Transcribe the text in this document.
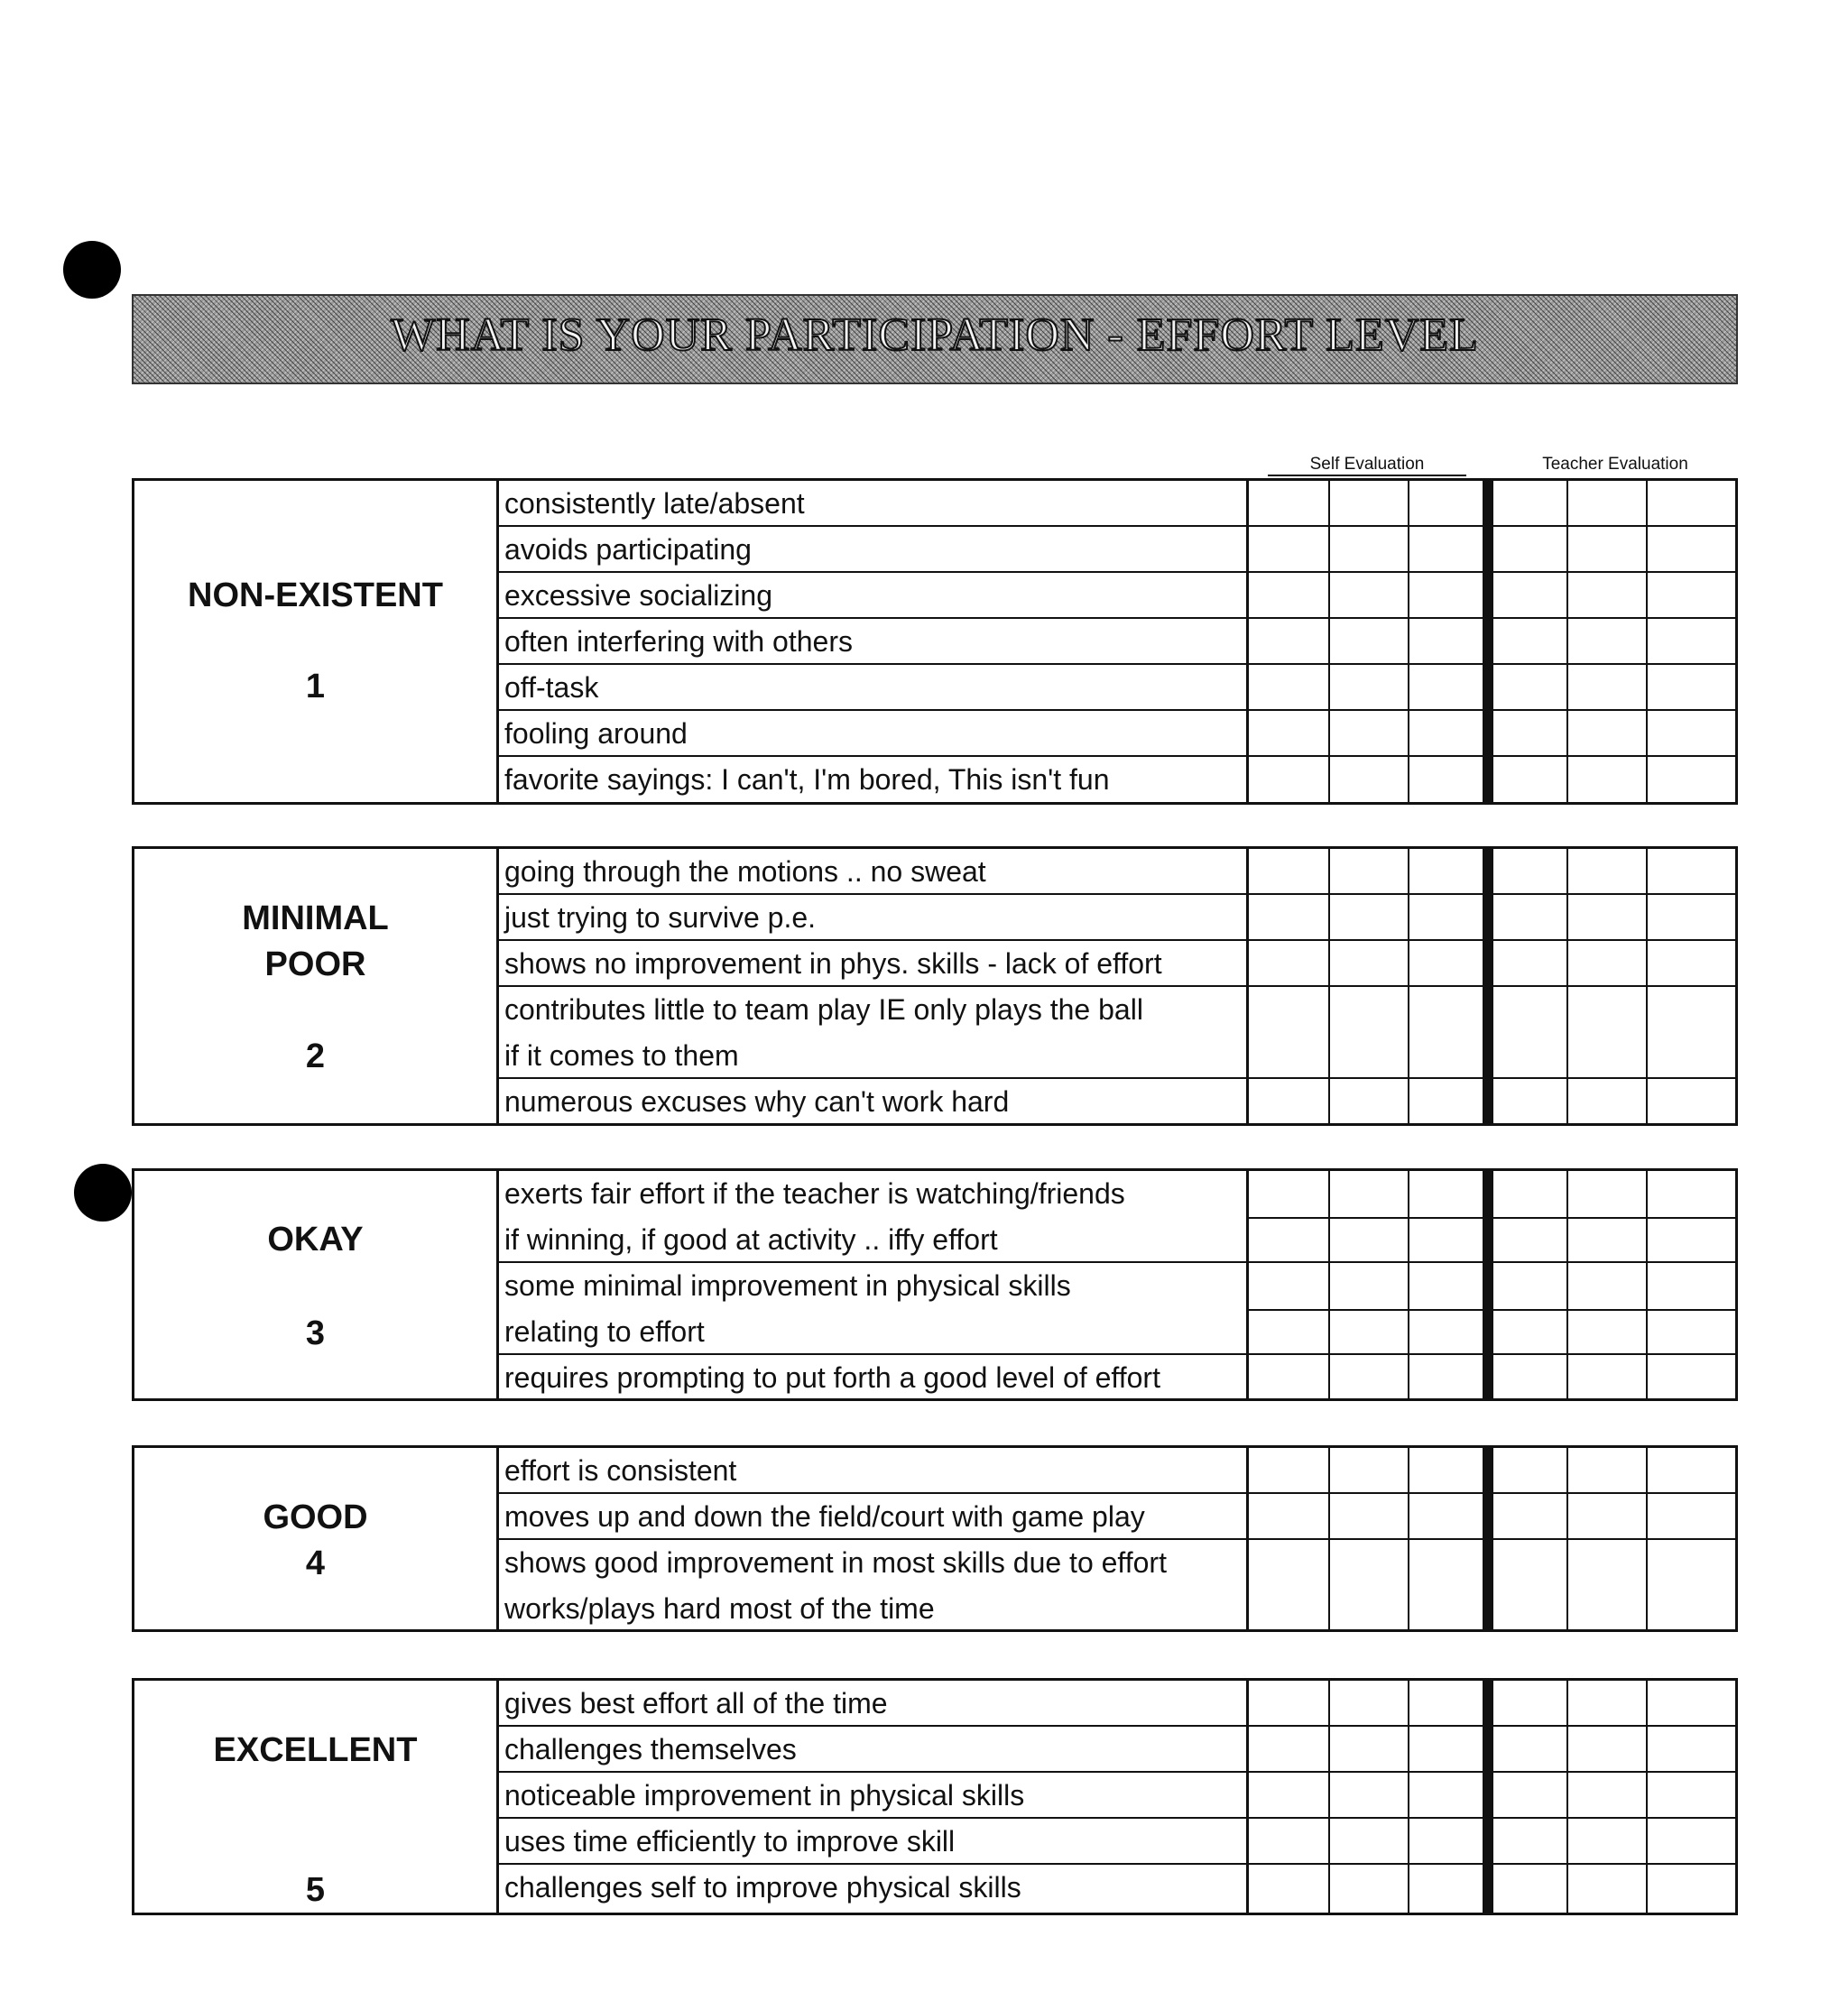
WHAT IS YOUR PARTICIPATION - EFFORT LEVEL
Self Evaluation	Teacher Evaluation
NON-EXISTENT
1
consistently late/absent
avoids participating
excessive socializing
often interfering with others
off-task
fooling around
favorite sayings: I can't, I'm bored, This isn't fun
MINIMAL
POOR
2
going through the motions .. no sweat
just trying to survive p.e.
shows no improvement in phys. skills - lack of effort
contributes little to team play IE only plays the ball
if it comes to them
numerous excuses why can't work hard
OKAY
3
exerts fair effort if the teacher is watching/friends
if winning, if good at activity .. iffy effort
some minimal improvement in physical skills
relating to effort
requires prompting to put forth a good level of effort
GOOD
4
effort is consistent
moves up and down the field/court with game play
shows good improvement in most skills due to effort
works/plays hard most of the time
EXCELLENT
5
gives best effort all of the time
challenges themselves
noticeable improvement in physical skills
uses time efficiently to improve skill
challenges self to improve physical skills
